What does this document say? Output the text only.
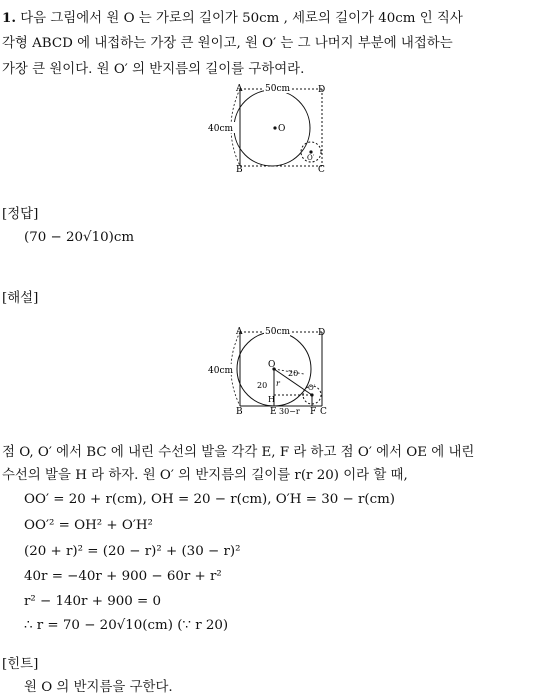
1. 다음 그림에서 원 O 는 가로의 길이가 50cm , 세로의 길이가 40cm 인 직사
각형 ABCD 에 내접하는 가장 큰 원이고, 원 O′ 는 그 나머지 부분에 내접하는
가장 큰 원이다. 원 O′ 의 반지름의 길이를 구하여라.
A
B	C
D
O
O′
50cm
40cm
[정답]
(70 − 20√10)cm
[해설]
A
B	C
D
O
O′
E	F
H
r
20
20
30−r
50cm
40cm
점 O, O′ 에서 BC 에 내린 수선의 발을 각각 E, F 라 하고 점 O′ 에서 OE 에 내린
수선의 발을 H 라 하자. 원 O′ 의 반지름의 길이를 r(r 20) 이라 할 때,
OO′ = 20 + r(cm), OH = 20 − r(cm), O′H = 30 − r(cm)
OO′² = OH² + O′H²
(20 + r)² = (20 − r)² + (30 − r)²
40r = −40r + 900 − 60r + r²
r² − 140r + 900 = 0
∴ r = 70 − 20√10(cm) (∵ r 20)
[힌트]
원 O 의 반지름을 구한다.
